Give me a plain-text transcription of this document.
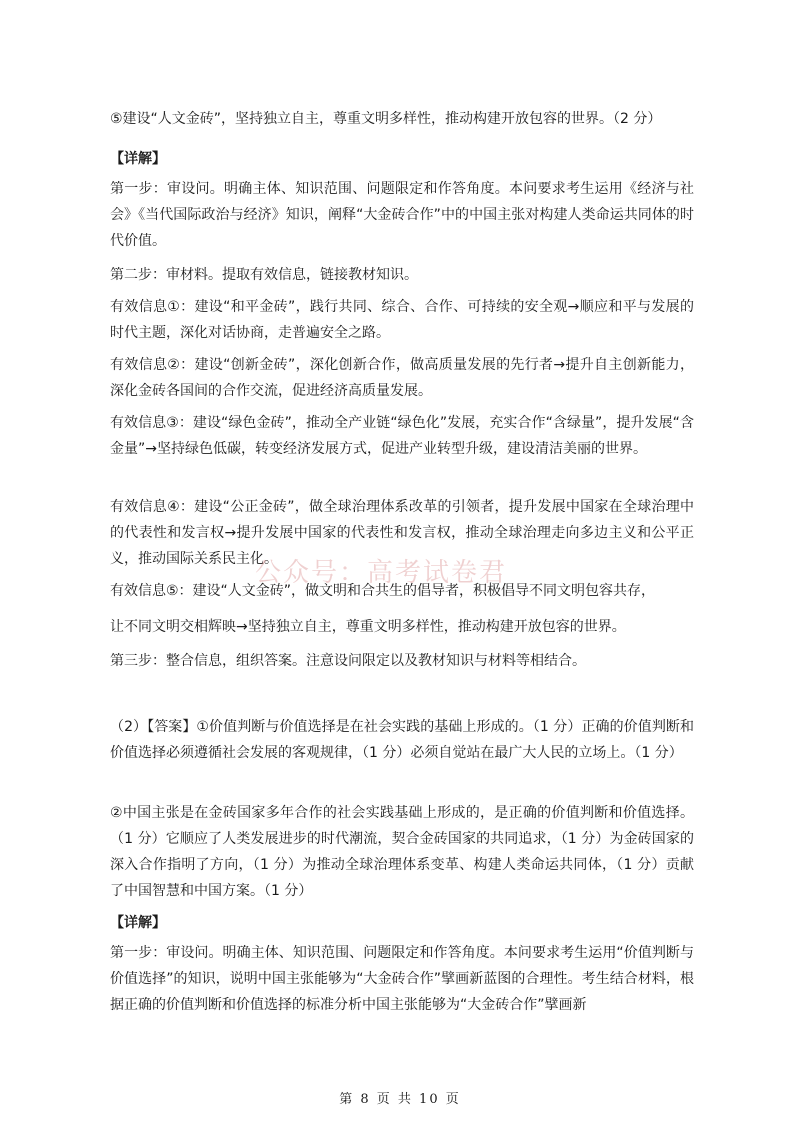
⑤建设“人文金砖”，坚持独立自主，尊重文明多样性，推动构建开放包容的世界。（2 分）

【详解】

第一步：审设问。明确主体、知识范围、问题限定和作答角度。本问要求考生运用《经济与社会》《当代国际政治与经济》知识，阐释“大金砖合作”中的中国主张对构建人类命运共同体的时代价值。

第二步：审材料。提取有效信息，链接教材知识。

有效信息①：建设“和平金砖”，践行共同、综合、合作、可持续的安全观→顺应和平与发展的时代主题，深化对话协商，走普遍安全之路。

有效信息②：建设“创新金砖”，深化创新合作，做高质量发展的先行者→提升自主创新能力，深化金砖各国间的合作交流，促进经济高质量发展。

有效信息③：建设“绿色金砖”，推动全产业链“绿色化”发展，充实合作“含绿量”，提升发展“含金量”→坚持绿色低碳，转变经济发展方式，促进产业转型升级，建设清洁美丽的世界。

有效信息④：建设“公正金砖”，做全球治理体系改革的引领者，提升发展中国家在全球治理中的代表性和发言权→提升发展中国家的代表性和发言权，推动全球治理走向多边主义和公平正义，推动国际关系民主化。

公众号：高考试卷君

有效信息⑤：建设“人文金砖”，做文明和合共生的倡导者，积极倡导不同文明包容共存，

让不同文明交相辉映→坚持独立自主，尊重文明多样性，推动构建开放包容的世界。

第三步：整合信息，组织答案。注意设问限定以及教材知识与材料等相结合。

（2）【答案】①价值判断与价值选择是在社会实践的基础上形成的。（1 分）正确的价值判断和价值选择必须遵循社会发展的客观规律，（1 分）必须自觉站在最广大人民的立场上。（1 分）

②中国主张是在金砖国家多年合作的社会实践基础上形成的，是正确的价值判断和价值选择。（1 分）它顺应了人类发展进步的时代潮流，契合金砖国家的共同追求，（1 分）为金砖国家的深入合作指明了方向，（1 分）为推动全球治理体系变革、构建人类命运共同体，（1 分）贡献了中国智慧和中国方案。（1 分）

【详解】

第一步：审设问。明确主体、知识范围、问题限定和作答角度。本问要求考生运用“价值判断与价值选择”的知识，说明中国主张能够为“大金砖合作”擘画新蓝图的合理性。考生结合材料，根据正确的价值判断和价值选择的标准分析中国主张能够为“大金砖合作”擘画新

第 8 页 共 10 页
